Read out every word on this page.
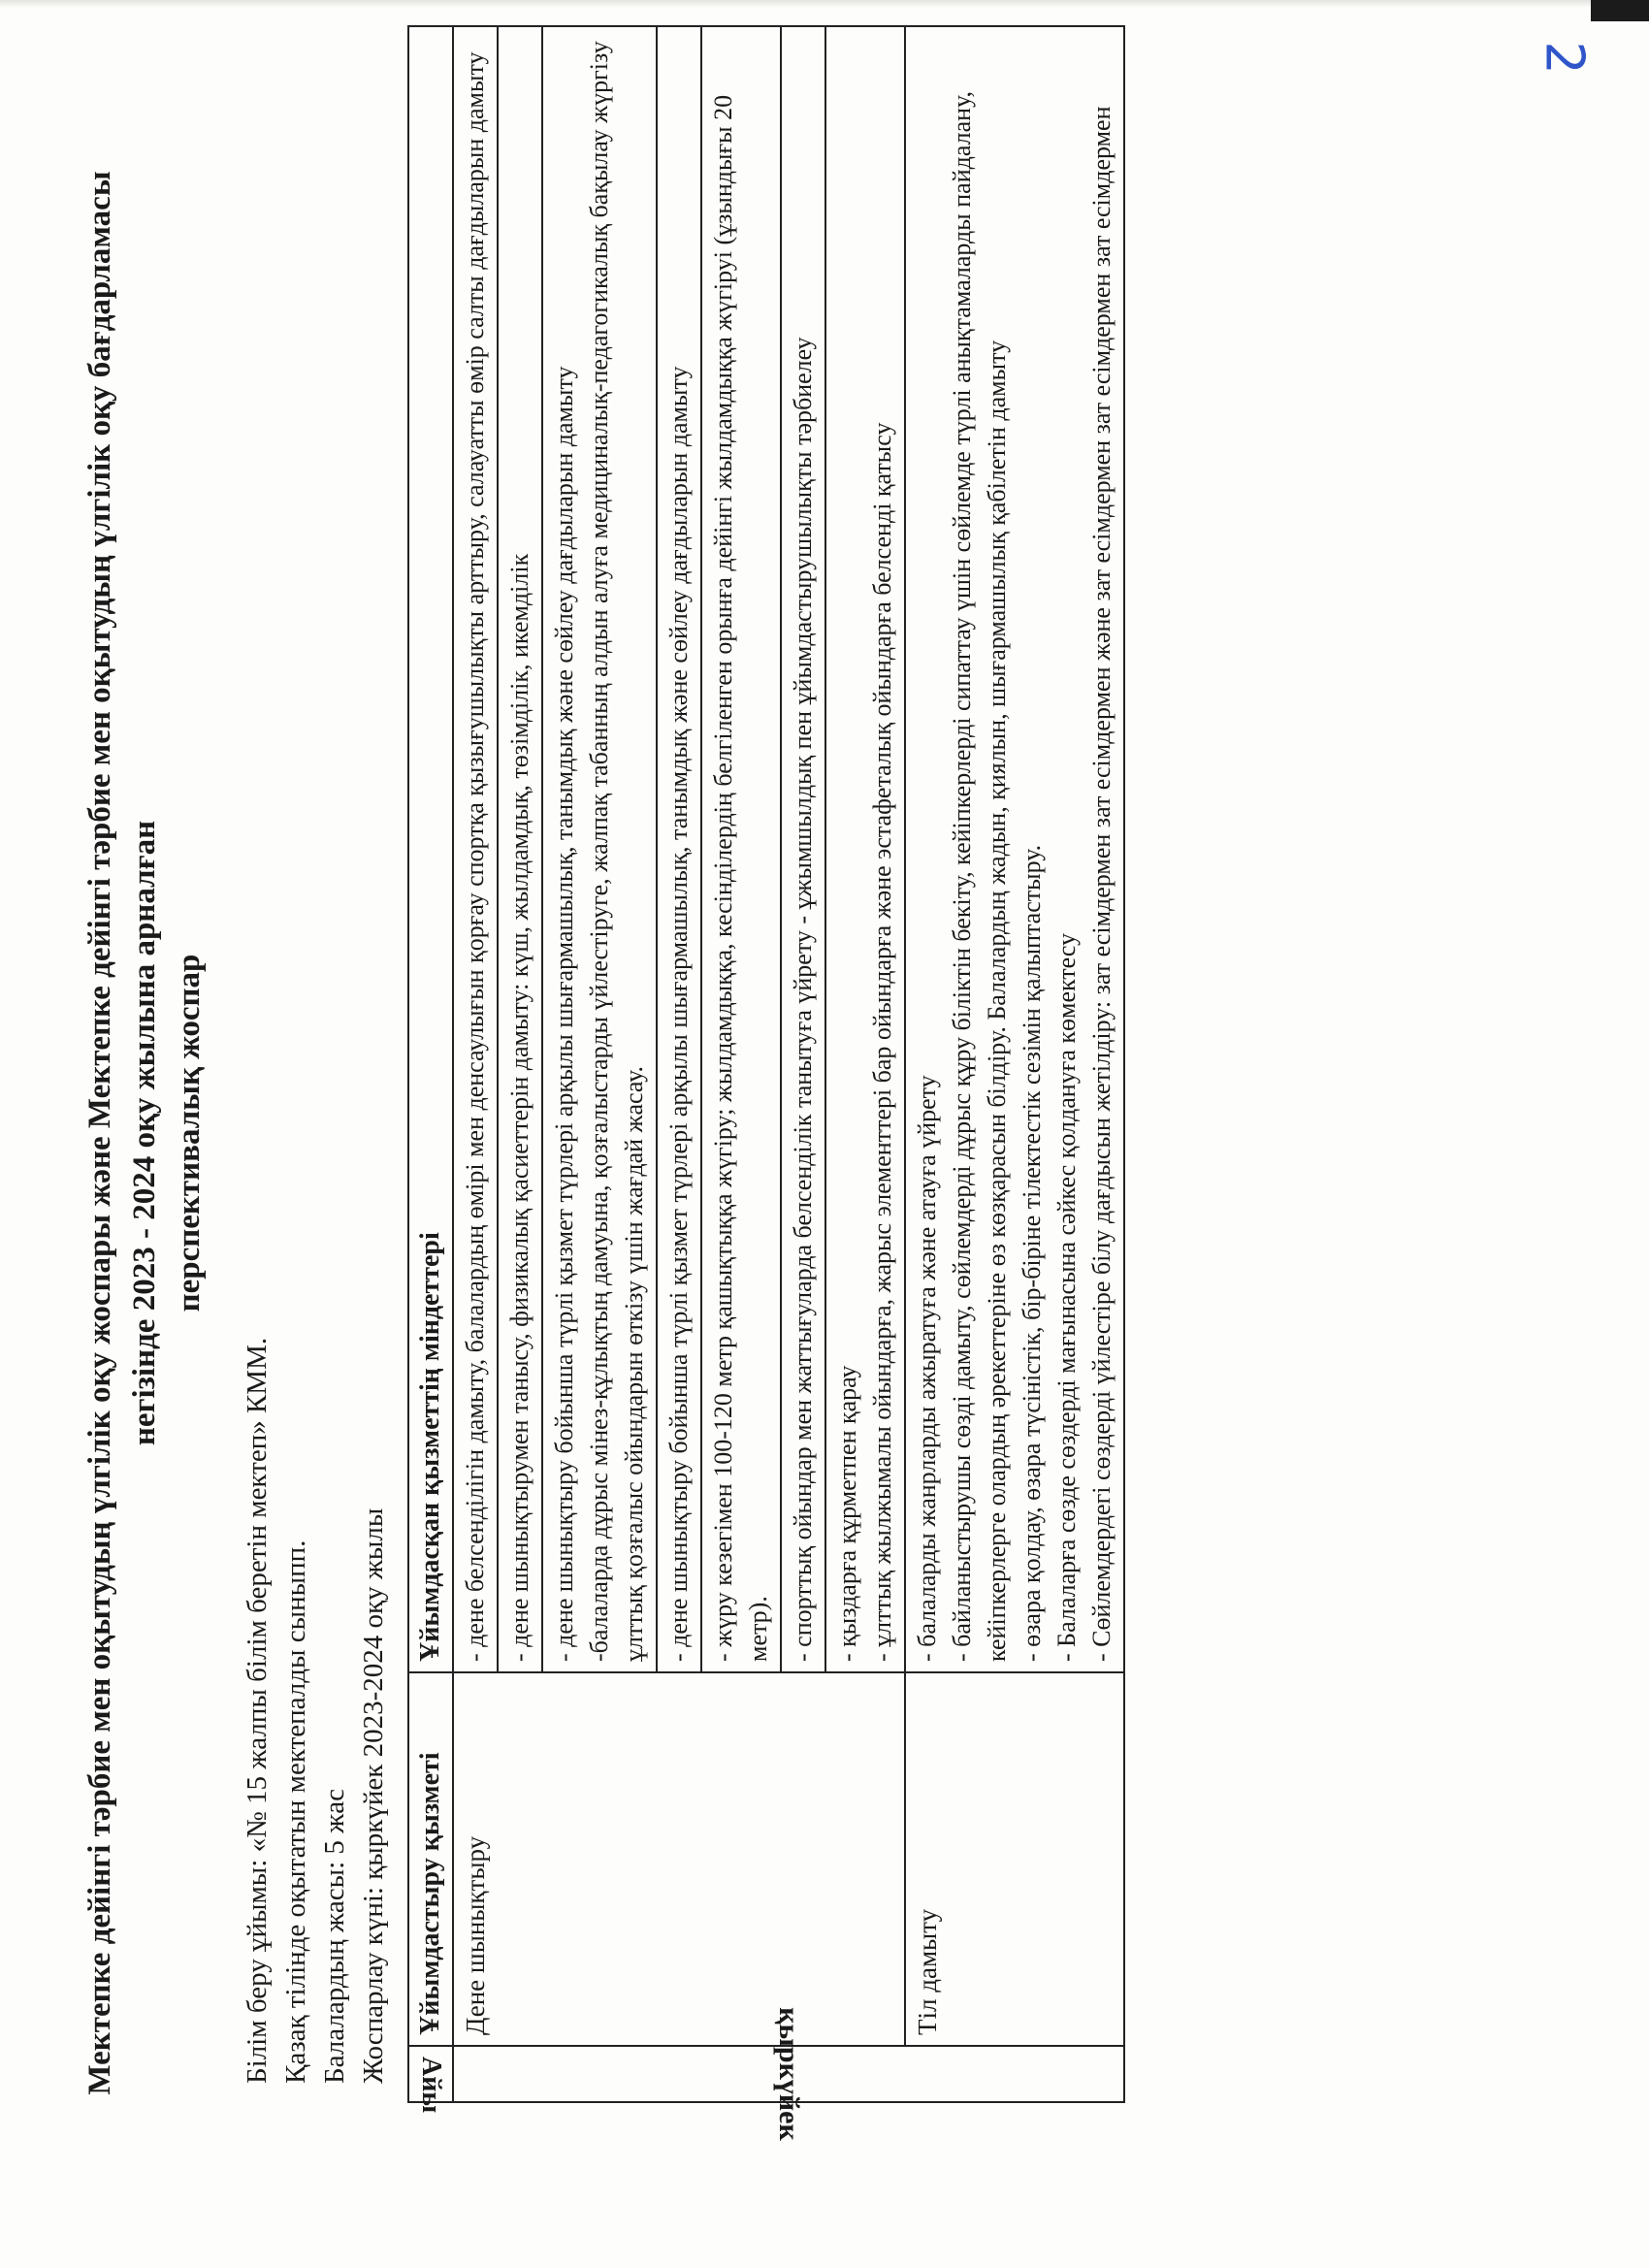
2
Мектепке дейінгі тәрбие мен оқытудың үлгілік оқу жоспары және Мектепке дейінгі тәрбие мен оқытудың үлгілік оқу бағдарламасы негізінде 2023 - 2024 оқу жылына арналған перспективалық жоспар
Білім беру ұйымы: «№ 15 жалпы білім беретін мектеп» КММ. Қазақ тілінде оқытатын мектепалды сыныпп. Балалардың жасы: 5 жас Жоспарлау күні: қыркүйек 2023-2024 оқу жылы
Айы	Ұйымдастыру қызметі	Ұйымдасқан қызметтің міндеттері

қыркүйек	Дене шынықтыру	- дене белсенділігін дамыту, балалардың өмірі мен денсаулығын қорғау спортқа қызығушылықты арттыру, салауатты өмір салты дағдыларын дамыту
		- дене шынықтырумен танысу, физикалық қасиеттерін дамыту: күш, жылдамдық, төзімділік, икемділік
		- дене шынықтыру бойынша түрлі қызмет түрлері арқылы шығармашылық, танымдық және сөйлеу дағдыларын дамыту
-балаларда дұрыс мінез-құлықтың дамуына, қозғалыстарды үйлестіруге, жалпақ табанның алдын алуға медициналық-педагогикалық бақылау жүргізу ұлттық қозғалыс ойындарын өткізу үшін жағдай жасау.
		- дене шынықтыру бойынша түрлі қызмет түрлері арқылы шығармашылық, танымдық және сөйлеу дағдыларын дамыту
		- жүру кезегімен 100-120 метр қашықтыққа жүгіру; жылдамдыққа, кесінділердің белгіленген орынға дейінгі жылдамдыққа жүгіруі (ұзындығы 20 метр).
		- спорттық ойындар мен жаттығуларда белсенділік танытуға үйрету - ұжымшылдық пен ұйымдастырушылықты тәрбиелеу
		- қыздарға құрметпен қарау
- ұлттық жылжымалы ойындарға, жарыс элементтері бар ойындарға және эстафеталық ойындарға белсенді қатысу
	Тіл дамыту	- балаларды жанрларды ажыратуға және атауға үйрету
- байланыстырушы сөзді дамыту, сөйлемдерді дұрыс құру біліктін бекіту, кейіпкерлерді сипаттау үшін сөйлемде түрлі анықтамаларды пайдалану, кейіпкерлерге олардың әрекеттеріне өз көзқарасын білдіру. Балалардың жадын, қиялын, шығармашылық қабілетін дамыту
- өзара қолдау, өзара түсіністік, бір-біріне тілектестік сезімін қалыптастыру.
- Балаларға сөзде сөздерді мағынасына сәйкес қолдануға көмектесу
- Сөйлемдердегі сөздерді үйлестіре білу дағдысын жетілдіру: зат есімдермен зат есімдермен және зат есімдермен зат есімдермен зат есімдермен
